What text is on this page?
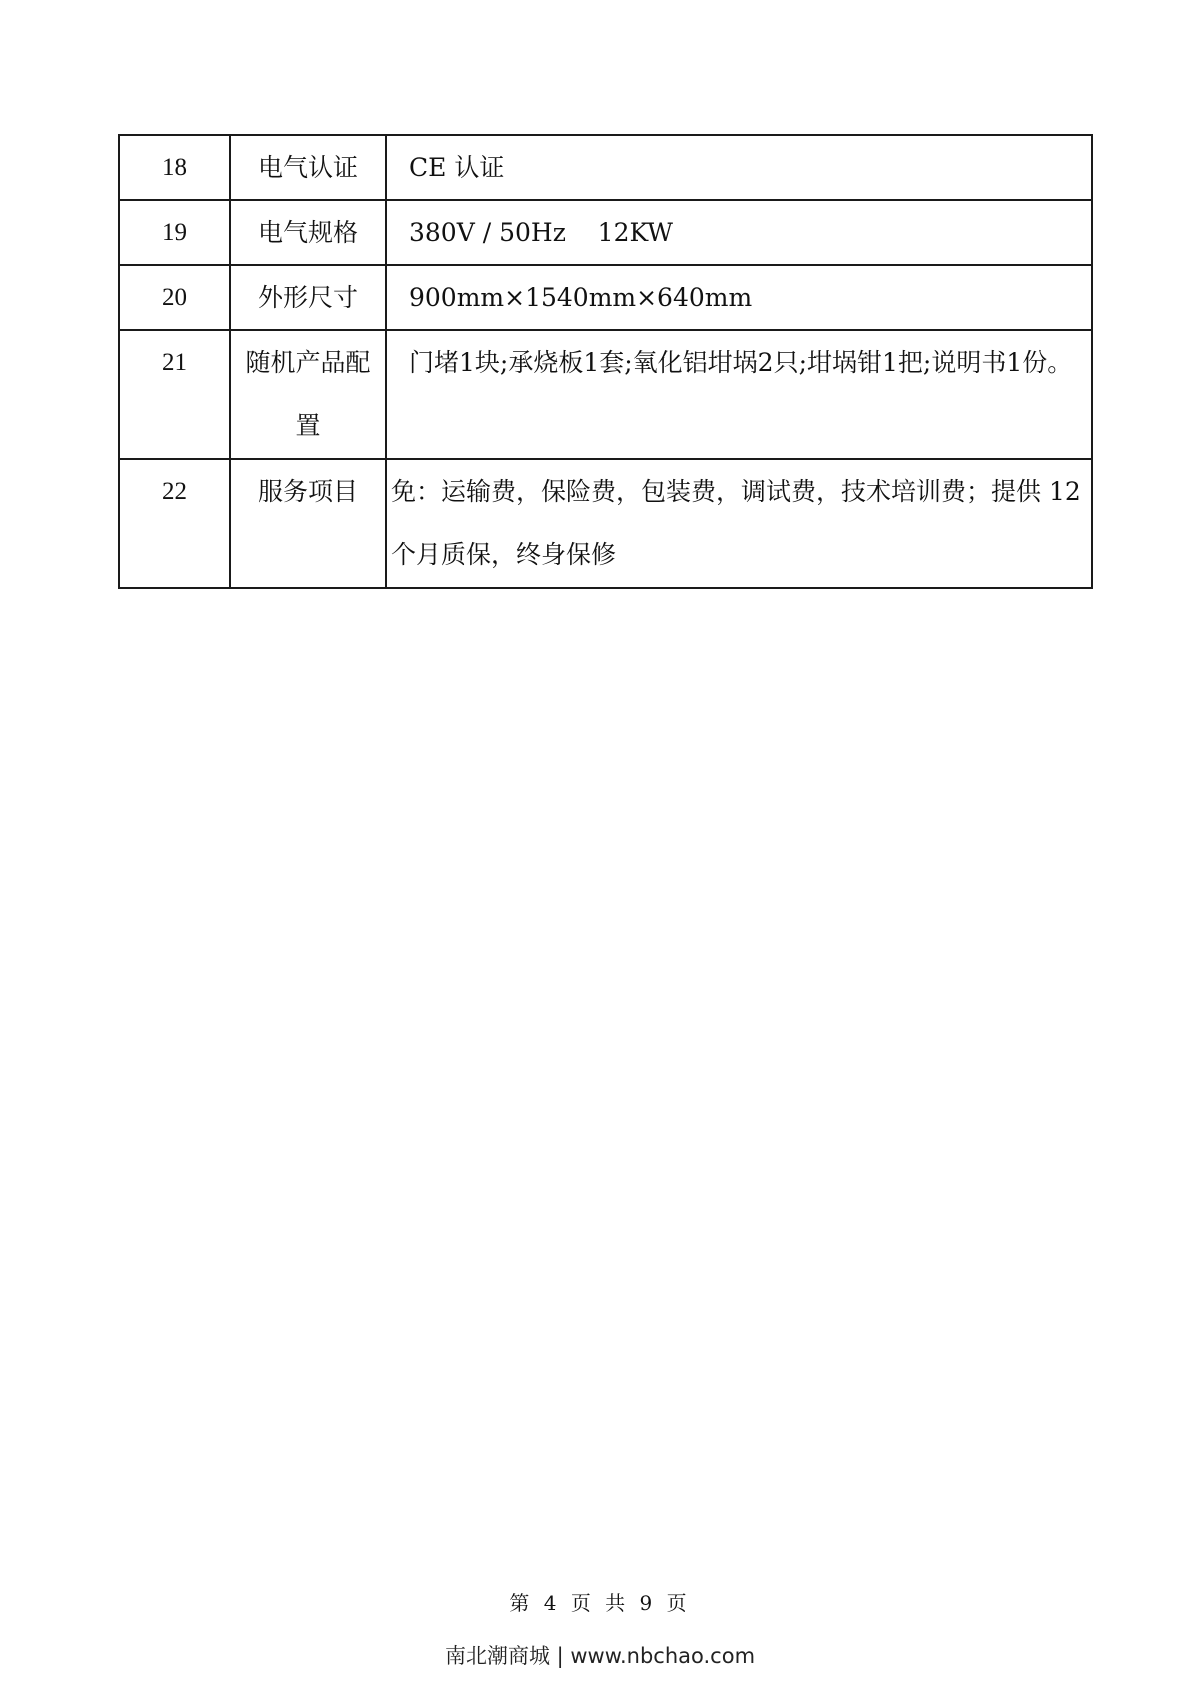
18	电气认证	CE 认证
19	电气规格	380V / 50Hz    12KW
20	外形尺寸	900mm×1540mm×640mm
21	随机产品配置	门堵1块;承烧板1套;氧化铝坩埚2只;坩埚钳1把;说明书1份。
22	服务项目	免：运输费，保险费，包装费，调试费，技术培训费；提供 12 个月质保，终身保修
第 4 页 共 9 页
南北潮商城 | www.nbchao.com
